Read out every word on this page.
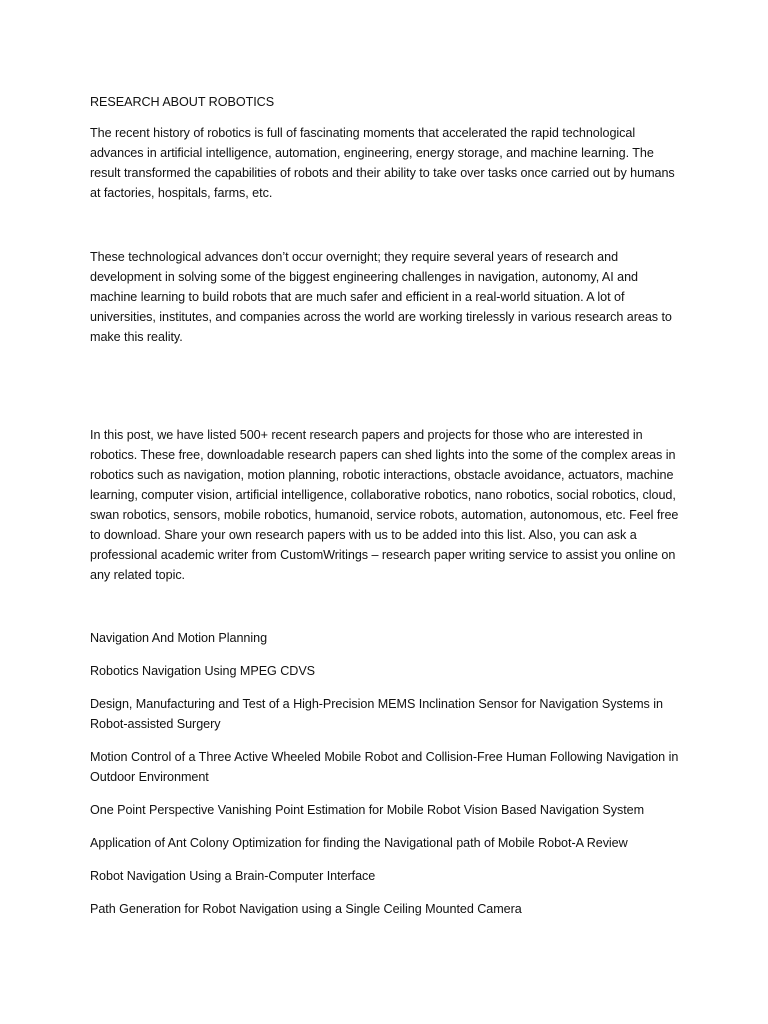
RESEARCH ABOUT ROBOTICS

The recent history of robotics is full of fascinating moments that accelerated the rapid technological advances in artificial intelligence, automation, engineering, energy storage, and machine learning. The result transformed the capabilities of robots and their ability to take over tasks once carried out by humans at factories, hospitals, farms, etc.

These technological advances don’t occur overnight; they require several years of research and development in solving some of the biggest engineering challenges in navigation, autonomy, AI and machine learning to build robots that are much safer and efficient in a real-world situation. A lot of universities, institutes, and companies across the world are working tirelessly in various research areas to make this reality.

In this post, we have listed 500+ recent research papers and projects for those who are interested in robotics. These free, downloadable research papers can shed lights into the some of the complex areas in robotics such as navigation, motion planning, robotic interactions, obstacle avoidance, actuators, machine learning, computer vision, artificial intelligence, collaborative robotics, nano robotics, social robotics, cloud, swan robotics, sensors, mobile robotics, humanoid, service robots, automation, autonomous, etc. Feel free to download. Share your own research papers with us to be added into this list. Also, you can ask a professional academic writer from CustomWritings – research paper writing service to assist you online on any related topic.

Navigation And Motion Planning
Robotics Navigation Using MPEG CDVS
Design, Manufacturing and Test of a High-Precision MEMS Inclination Sensor for Navigation Systems in Robot-assisted Surgery
Motion Control of a Three Active Wheeled Mobile Robot and Collision-Free Human Following Navigation in Outdoor Environment
One Point Perspective Vanishing Point Estimation for Mobile Robot Vision Based Navigation System
Application of Ant Colony Optimization for finding the Navigational path of Mobile Robot-A Review
Robot Navigation Using a Brain-Computer Interface
Path Generation for Robot Navigation using a Single Ceiling Mounted Camera
